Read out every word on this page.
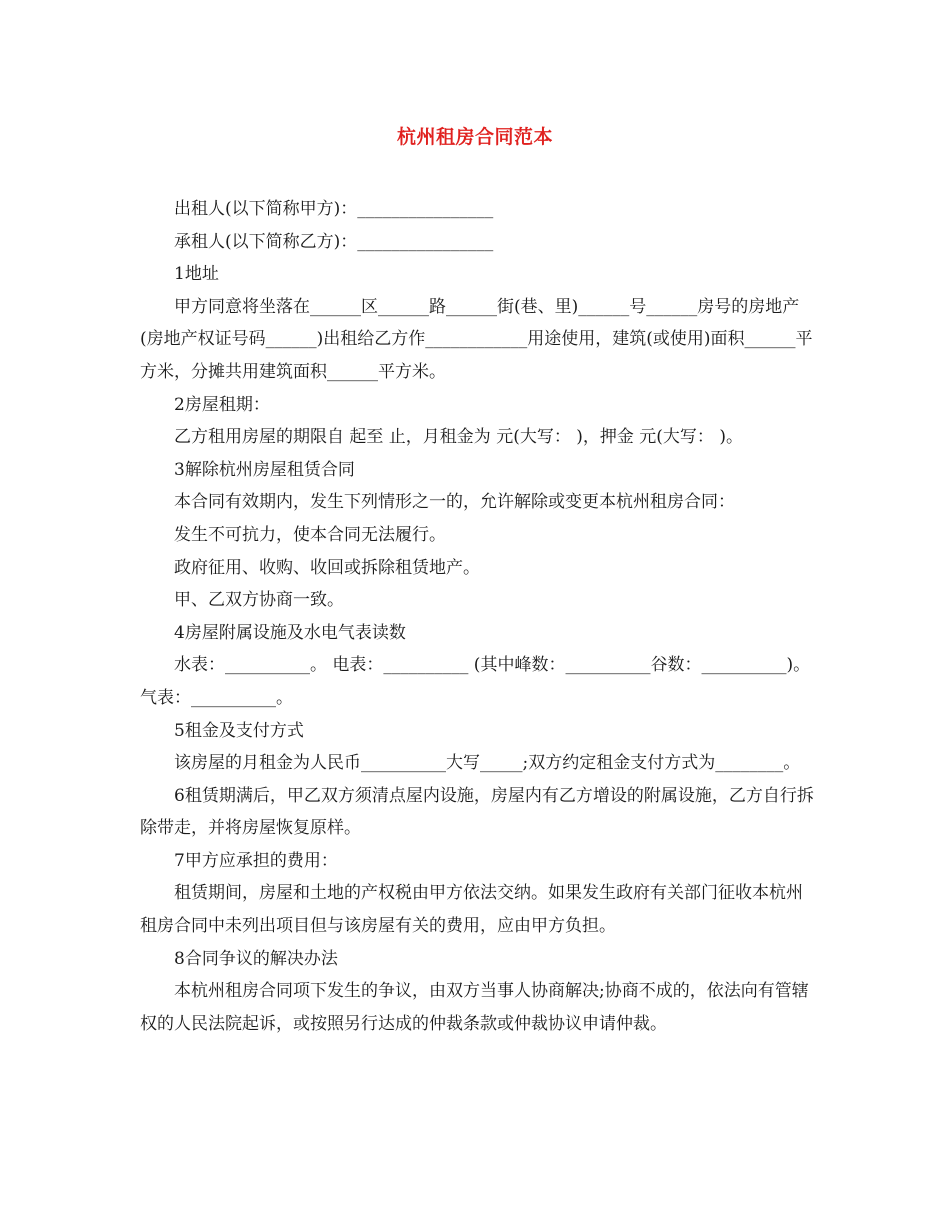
杭州租房合同范本

出租人(以下简称甲方)：________________

承租人(以下简称乙方)：________________

1地址

甲方同意将坐落在______区______路______街(巷、里)______号______房号的房地产(房地产权证号码______)出租给乙方作____________用途使用，建筑(或使用)面积______平方米，分摊共用建筑面积______平方米。

2房屋租期：

乙方租用房屋的期限自 起至 止，月租金为 元(大写： )，押金 元(大写： )。

3解除杭州房屋租赁合同

本合同有效期内，发生下列情形之一的，允许解除或变更本杭州租房合同：

发生不可抗力，使本合同无法履行。

政府征用、收购、收回或拆除租赁地产。

甲、乙双方协商一致。

4房屋附属设施及水电气表读数

水表：__________。 电表：__________ (其中峰数：__________谷数：__________)。气表：__________。

5租金及支付方式

该房屋的月租金为人民币__________大写_____;双方约定租金支付方式为________。

6租赁期满后，甲乙双方须清点屋内设施，房屋内有乙方增设的附属设施，乙方自行拆除带走，并将房屋恢复原样。

7甲方应承担的费用：

租赁期间，房屋和土地的产权税由甲方依法交纳。如果发生政府有关部门征收本杭州租房合同中未列出项目但与该房屋有关的费用，应由甲方负担。

8合同争议的解决办法

本杭州租房合同项下发生的争议，由双方当事人协商解决;协商不成的，依法向有管辖权的人民法院起诉，或按照另行达成的仲裁条款或仲裁协议申请仲裁。
